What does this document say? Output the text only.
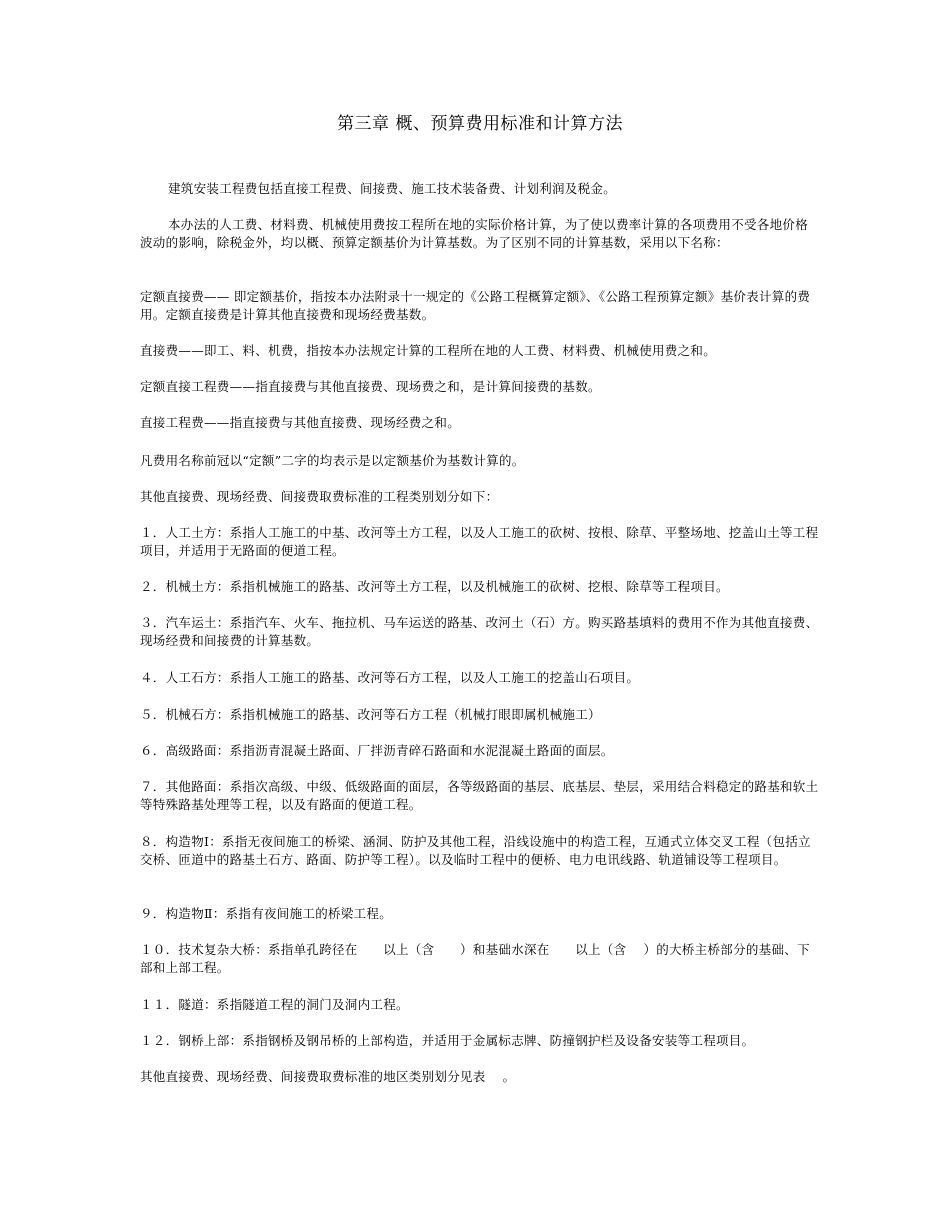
第三章 概、预算费用标准和计算方法

建筑安装工程费包括直接工程费、间接费、施工技术装备费、计划利润及税金。

本办法的人工费、材料费、机械使用费按工程所在地的实际价格计算，为了使以费率计算的各项费用不受各地价格波动的影响，除税金外，均以概、预算定额基价为计算基数。为了区别不同的计算基数，采用以下名称：

定额直接费—— 即定额基价，指按本办法附录十一规定的《公路工程概算定额》、《公路工程预算定额》基价表计算的费用。定额直接费是计算其他直接费和现场经费基数。

直接费——即工、料、机费，指按本办法规定计算的工程所在地的人工费、材料费、机械使用费之和。

定额直接工程费——指直接费与其他直接费、现场费之和，是计算间接费的基数。

直接工程费——指直接费与其他直接费、现场经费之和。

凡费用名称前冠以“定额”二字的均表示是以定额基价为基数计算的。

其他直接费、现场经费、间接费取费标准的工程类别划分如下：

１．人工土方：系指人工施工的中基、改河等土方工程，以及人工施工的砍树、按根、除草、平整场地、挖盖山土等工程项目，并适用于无路面的便道工程。

２．机械土方：系指机械施工的路基、改河等土方工程，以及机械施工的砍树、挖根、除草等工程项目。

３．汽车运土：系指汽车、火车、拖拉机、马车运送的路基、改河土（石）方。购买路基填料的费用不作为其他直接费、现场经费和间接费的计算基数。

４．人工石方：系指人工施工的路基、改河等石方工程，以及人工施工的挖盖山石项目。

５．机械石方：系指机械施工的路基、改河等石方工程（机械打眼即属机械施工）

６．高级路面：系指沥青混凝土路面、厂拌沥青碎石路面和水泥混凝土路面的面层。

７．其他路面：系指次高级、中级、低级路面的面层，各等级路面的基层、底基层、垫层，采用结合料稳定的路基和软土等特殊路基处理等工程，以及有路面的便道工程。

８．构造物Ⅰ：系指无夜间施工的桥梁、涵洞、防护及其他工程，沿线设施中的构造工程，互通式立体交叉工程（包括立交桥、匝道中的路基土石方、路面、防护等工程）。以及临时工程中的便桥、电力电讯线路、轨道铺设等工程项目。

９．构造物Ⅱ：系指有夜间施工的桥梁工程。

１０．技术复杂大桥：系指单孔跨径在　　以上（含　　）和基础水深在　　以上（含　 ）的大桥主桥部分的基础、下部和上部工程。

１１．隧道：系指隧道工程的洞门及洞内工程。

１２．钢桥上部：系指钢桥及钢吊桥的上部构造，并适用于金属标志牌、防撞钢护栏及设备安装等工程项目。

其他直接费、现场经费、间接费取费标准的地区类别划分见表　 。
